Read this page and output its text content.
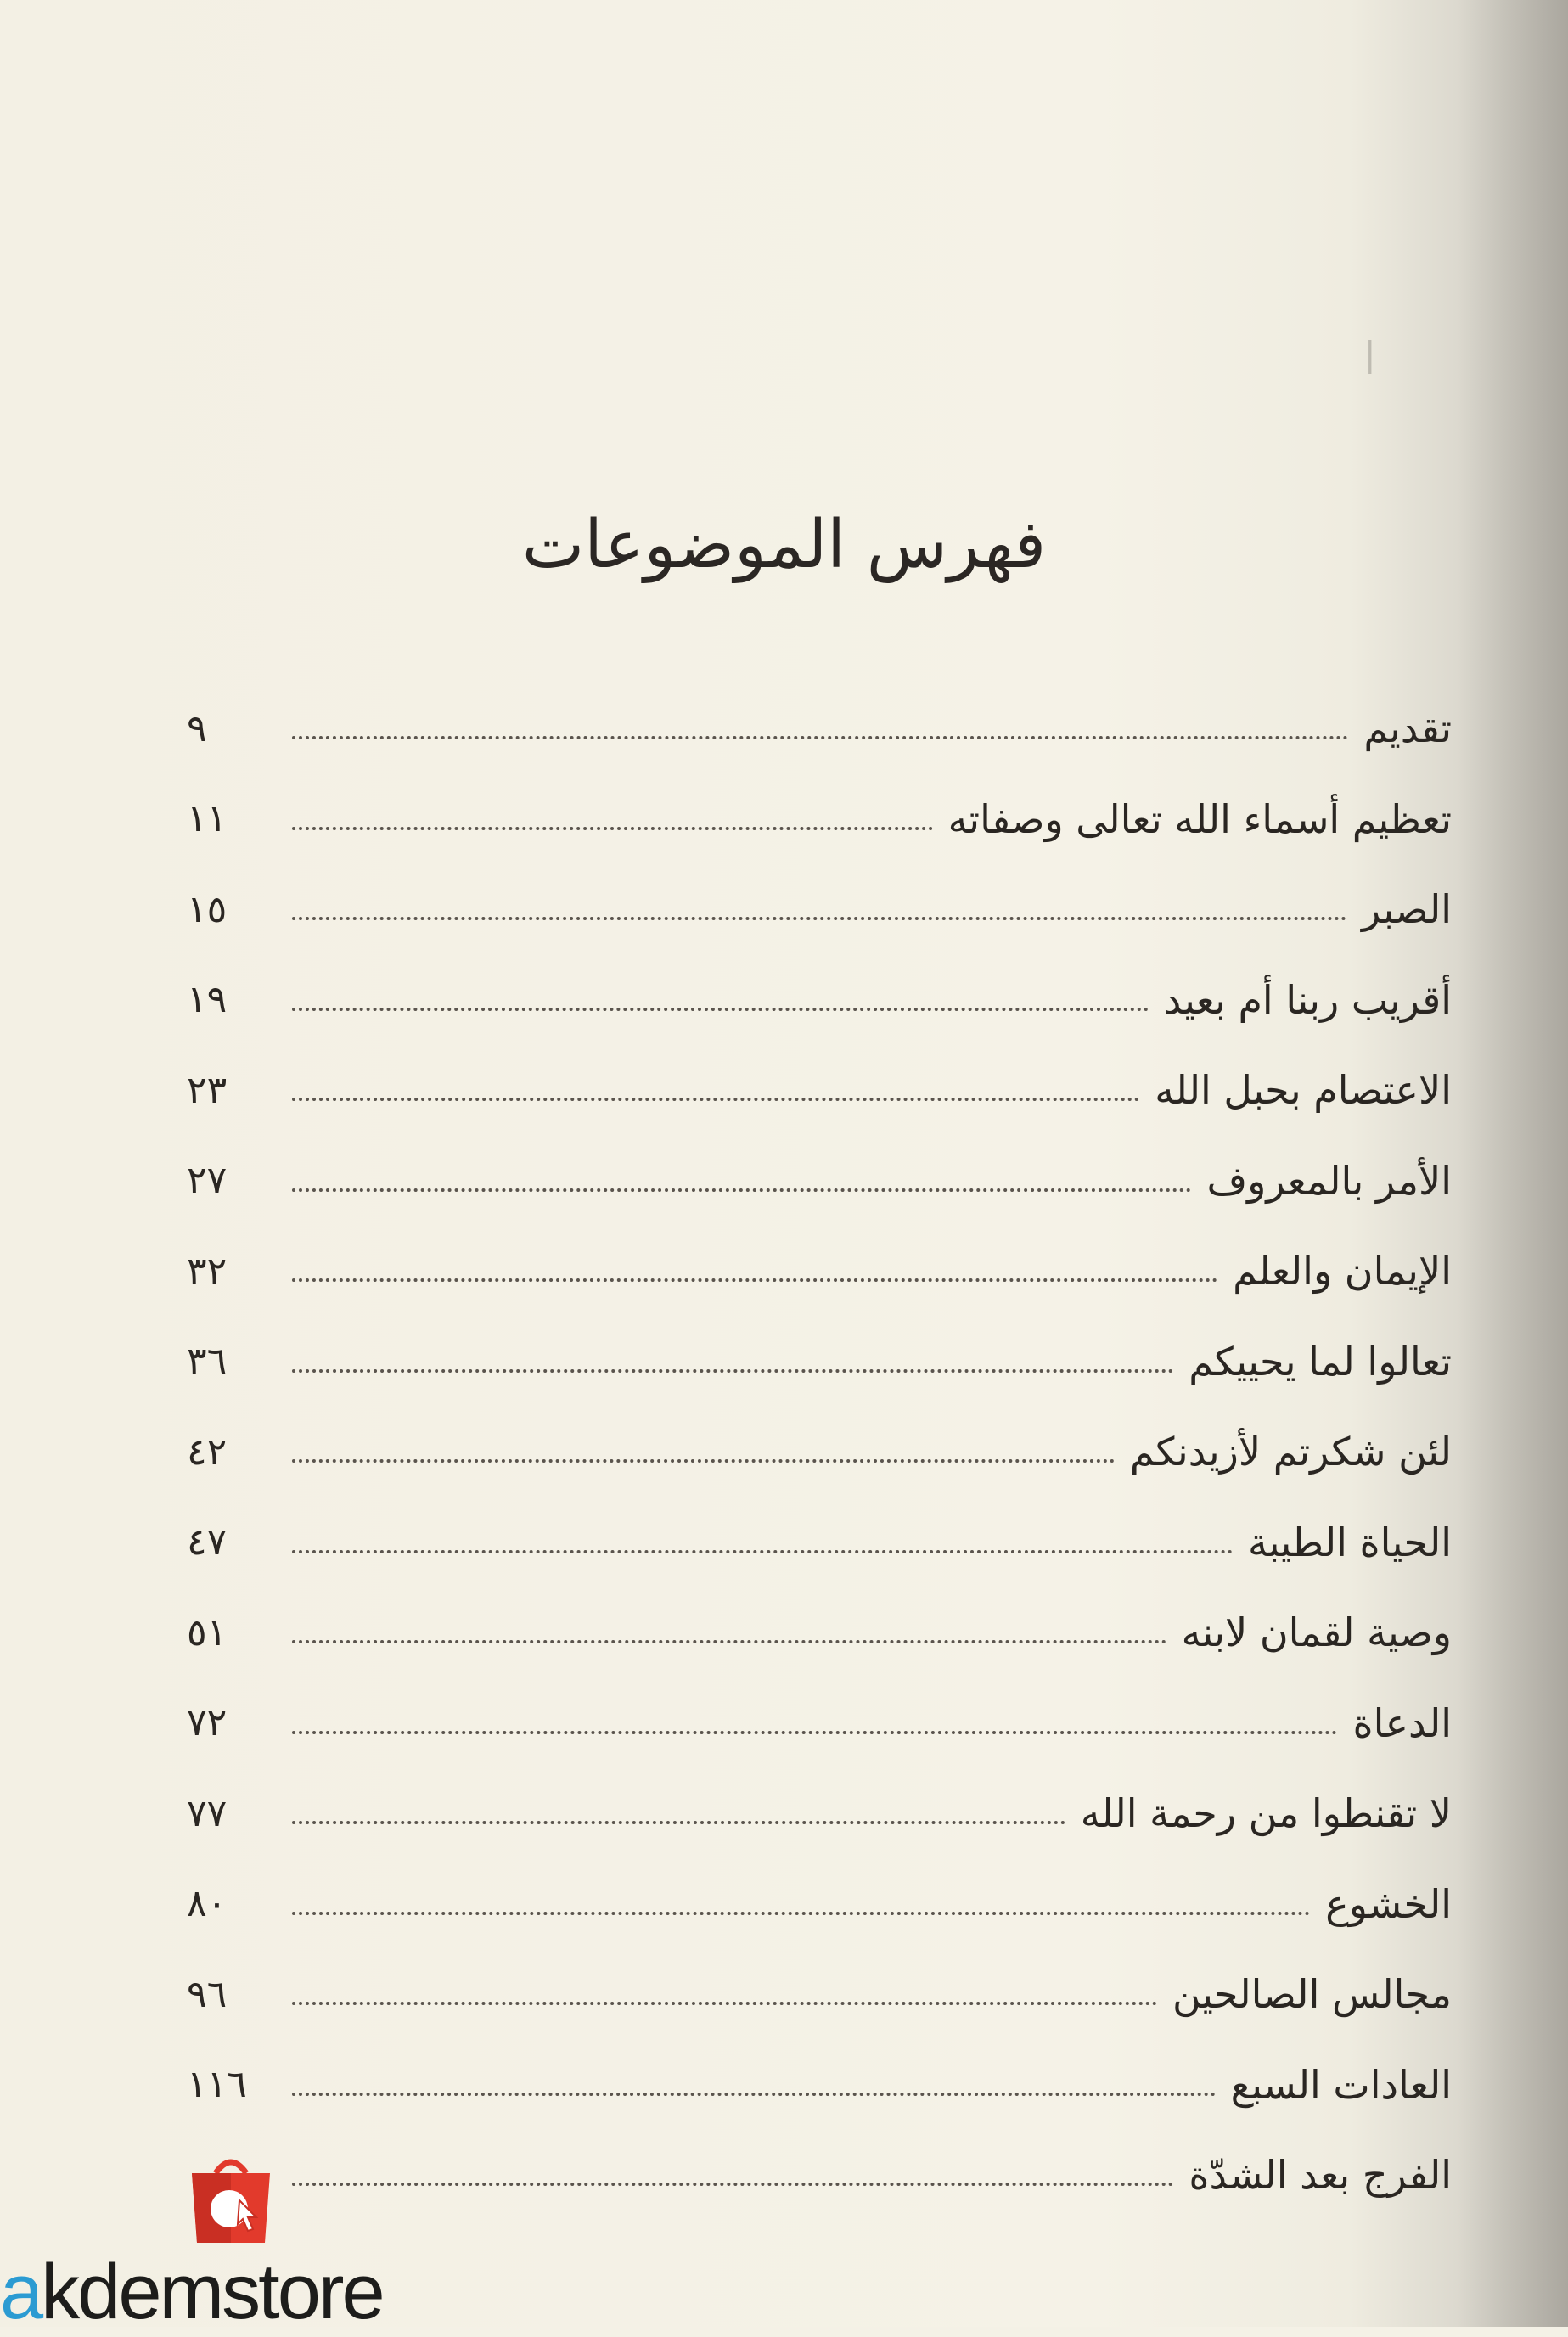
|
فهرس الموضوعات
تقديم
٩
تعظيم أسماء الله تعالى وصفاته
١١
الصبر
١٥
أقريب ربنا أم بعيد
١٩
الاعتصام بحبل الله
٢٣
الأمر بالمعروف
٢٧
الإيمان والعلم
٣٢
تعالوا لما يحييكم
٣٦
لئن شكرتم لأزيدنكم
٤٢
الحياة الطيبة
٤٧
وصية لقمان لابنه
٥١
الدعاة
٧٢
لا تقنطوا من رحمة الله
٧٧
الخشوع
٨٠
مجالس الصالحين
٩٦
العادات السبع
١١٦
الفرج بعد الشدّة
akdemstore
